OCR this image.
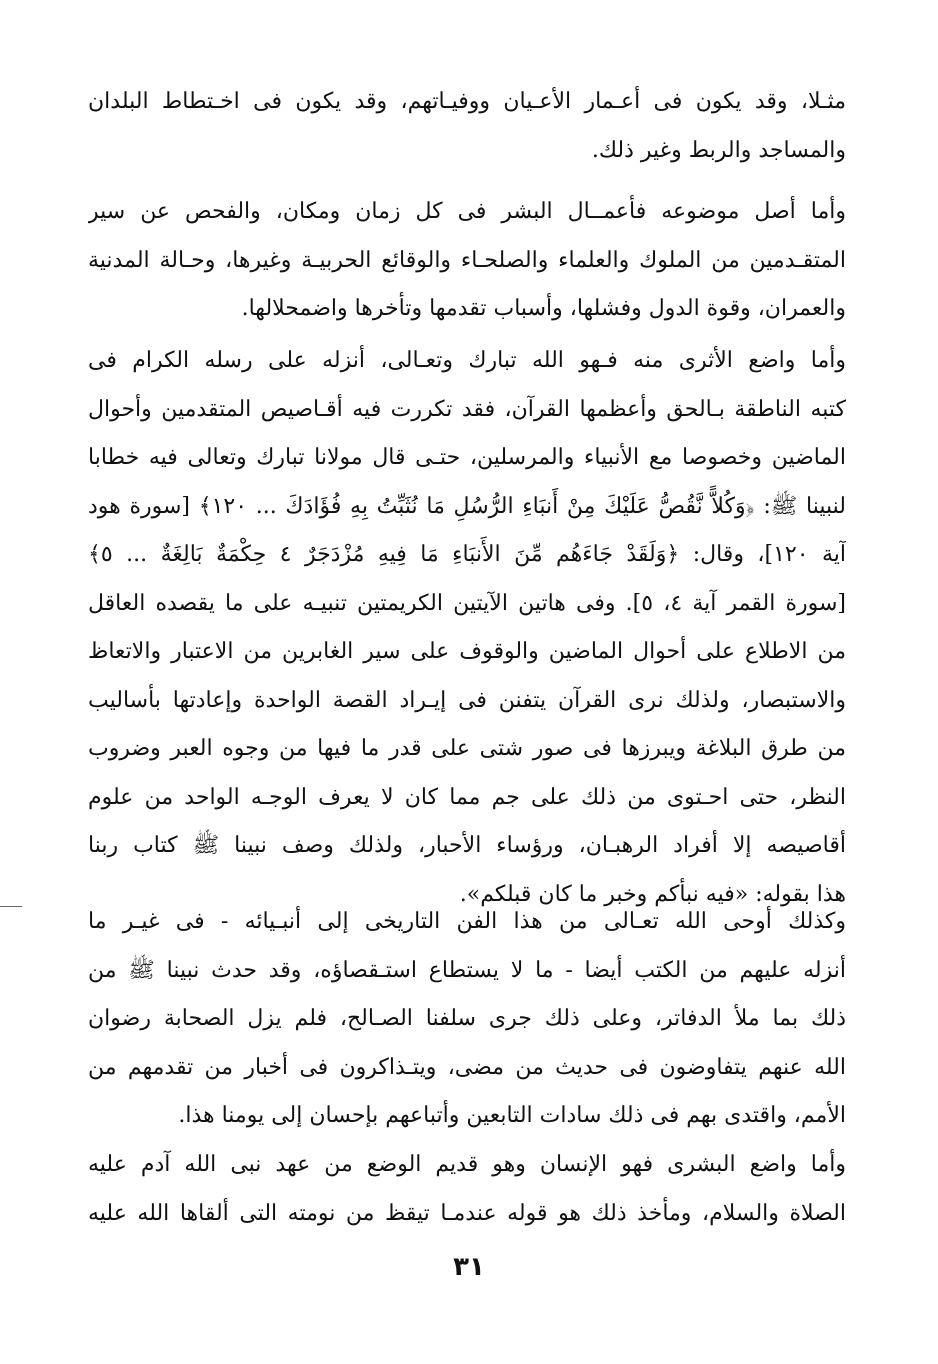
مثـلا، وقد يكون فى أعـمار الأعـيان ووفيـاتهم، وقد يكون فى اخـتطاط البلدان
والمساجد والربط وغير ذلك.
وأما أصل موضوعه فأعمــال البشر فى كل زمان ومكان، والفحص عن سير
المتقـدمين من الملوك والعلماء والصلحـاء والوقائع الحربيـة وغيرها، وحـالة المدنية
والعمران، وقوة الدول وفشلها، وأسباب تقدمها وتأخرها واضمحلالها.
وأما واضع الأثرى منه فـهو الله تبارك وتعـالى، أنزله على رسله الكرام فى
كتبه الناطقة بـالحق وأعظمها القرآن، فقد تكررت فيه أقـاصيص المتقدمين وأحوال
الماضين وخصوصا مع الأنبياء والمرسلين، حتـى قال مولانا تبارك وتعالى فيه خطابا
لنبينا ﷺ: ﴿وَكُلاًّ نَّقُصُّ عَلَيْكَ مِنْ أَنبَاءِ الرُّسُلِ مَا نُثَبِّتُ بِهِ فُؤَادَكَ ... ١٢٠﴾ [سورة هود
آية ١٢٠]، وقال: ﴿وَلَقَدْ جَاءَهُم مِّنَ الأَنبَاءِ مَا فِيهِ مُزْدَجَرٌ ٤ حِكْمَةٌ بَالِغَةٌ ... ٥﴾
[سورة القمر آية ٤، ٥]. وفى هاتين الآيتين الكريمتين تنبيـه على ما يقصده العاقل
من الاطلاع على أحوال الماضين والوقوف على سير الغابرين من الاعتبار والاتعاظ
والاستبصار، ولذلك نرى القرآن يتفنن فى إيـراد القصة الواحدة وإعادتها بأساليب
من طرق البلاغة ويبرزها فى صور شتى على قدر ما فيها من وجوه العبر وضروب
النظر، حتى احـتوى من ذلك على جم مما كان لا يعرف الوجـه الواحد من علوم
أقاصيصه إلا أفراد الرهبـان، ورؤساء الأحبار، ولذلك وصف نبينا ﷺ كتاب ربنا
هذا بقوله: «فيه نبأكم وخبر ما كان قبلكم».
وكذلك أوحى الله تعـالى من هذا الفن التاريخى إلى أنبـيائه - فى غيـر ما
أنزله عليهم من الكتب أيضا - ما لا يستطاع استـقصاؤه، وقد حدث نبينا ﷺ من
ذلك بما ملأ الدفاتر، وعلى ذلك جرى سلفنا الصـالح، فلم يزل الصحابة رضوان
الله عنهم يتفاوضون فى حديث من مضى، ويتـذاكرون فى أخبار من تقدمهم من
الأمم، واقتدى بهم فى ذلك سادات التابعين وأتباعهم بإحسان إلى يومنا هذا.
وأما واضع البشرى فهو الإنسان وهو قديم الوضع من عهد نبى الله آدم عليه
الصلاة والسلام، ومأخذ ذلك هو قوله عندمـا تيقظ من نومته التى ألقاها الله عليه
٣١
